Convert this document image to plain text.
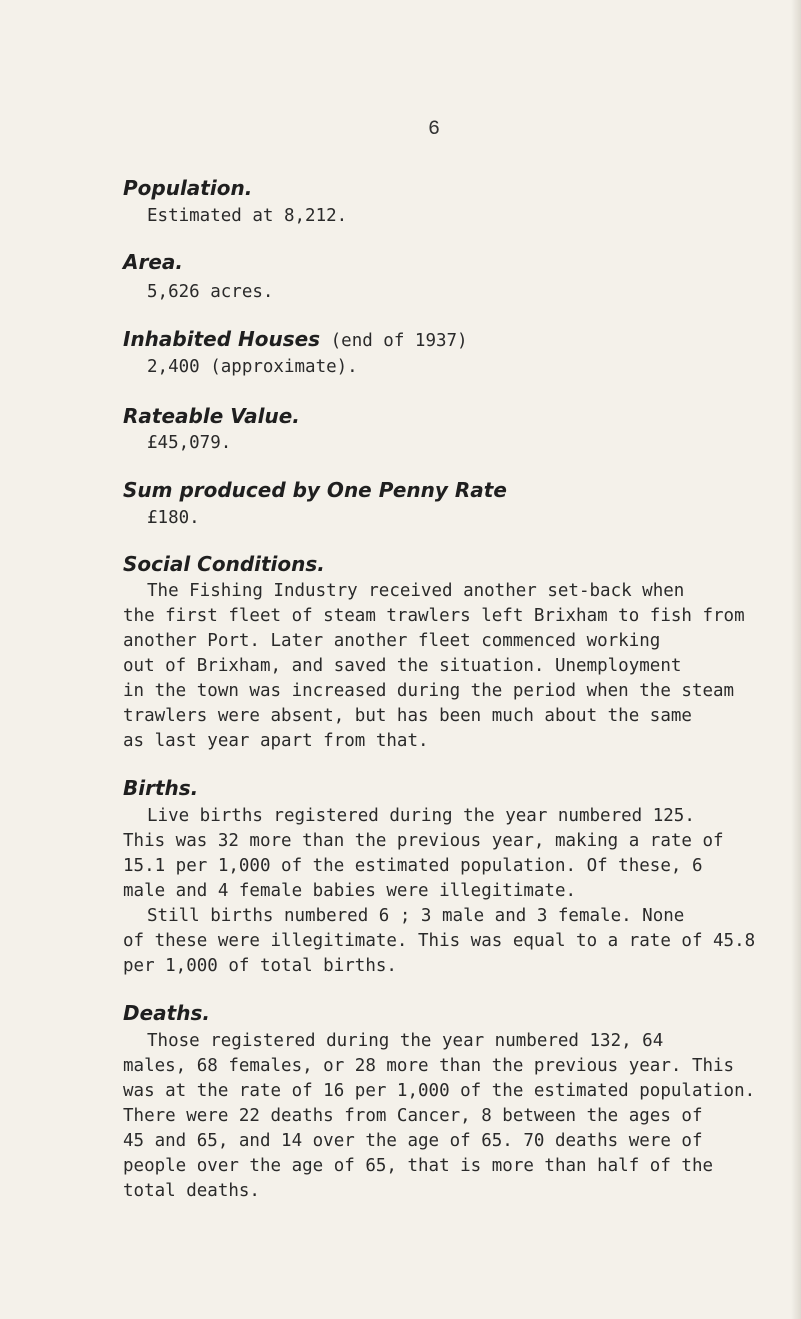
6
Population.
Estimated at 8,212.
Area.
5,626 acres.
Inhabited Houses (end of 1937)
2,400 (approximate).
Rateable Value.
£45,079.
Sum produced by One Penny Rate
£180.
Social Conditions.
The Fishing Industry received another set-back when
the first fleet of steam trawlers left Brixham to fish from
another Port. Later another fleet commenced working
out of Brixham, and saved the situation. Unemployment
in the town was increased during the period when the steam
trawlers were absent, but has been much about the same
as last year apart from that.
Births.
Live births registered during the year numbered 125.
This was 32 more than the previous year, making a rate of
15.1 per 1,000 of the estimated population. Of these, 6
male and 4 female babies were illegitimate.
Still births numbered 6 ; 3 male and 3 female. None
of these were illegitimate. This was equal to a rate of 45.8
per 1,000 of total births.
Deaths.
Those registered during the year numbered 132, 64
males, 68 females, or 28 more than the previous year. This
was at the rate of 16 per 1,000 of the estimated population.
There were 22 deaths from Cancer, 8 between the ages of
45 and 65, and 14 over the age of 65. 70 deaths were of
people over the age of 65, that is more than half of the
total deaths.
